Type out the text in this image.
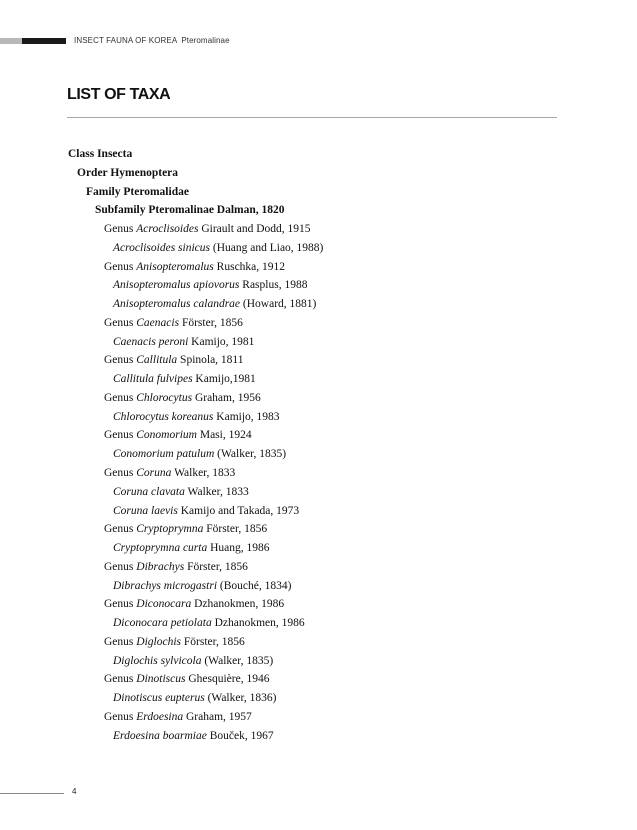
INSECT FAUNA OF KOREA Pteromalinae
LIST OF TAXA
Class Insecta
Order Hymenoptera
Family Pteromalidae
Subfamily Pteromalinae Dalman, 1820
Genus Acroclisoides Girault and Dodd, 1915
Acroclisoides sinicus (Huang and Liao, 1988)
Genus Anisopteromalus Ruschka, 1912
Anisopteromalus apiovorus Rasplus, 1988
Anisopteromalus calandrae (Howard, 1881)
Genus Caenacis Förster, 1856
Caenacis peroni Kamijo, 1981
Genus Callitula Spinola, 1811
Callitula fulvipes Kamijo,1981
Genus Chlorocytus Graham, 1956
Chlorocytus koreanus Kamijo, 1983
Genus Conomorium Masi, 1924
Conomorium patulum (Walker, 1835)
Genus Coruna Walker, 1833
Coruna clavata Walker, 1833
Coruna laevis Kamijo and Takada, 1973
Genus Cryptoprymna Förster, 1856
Cryptoprymna curta Huang, 1986
Genus Dibrachys Förster, 1856
Dibrachys microgastri (Bouché, 1834)
Genus Diconocara Dzhanokmen, 1986
Diconocara petiolata Dzhanokmen, 1986
Genus Diglochis Förster, 1856
Diglochis sylvicola (Walker, 1835)
Genus Dinotiscus Ghesquière, 1946
Dinotiscus eupterus (Walker, 1836)
Genus Erdoesina Graham, 1957
Erdoesina boarmiae Bouček, 1967
4
